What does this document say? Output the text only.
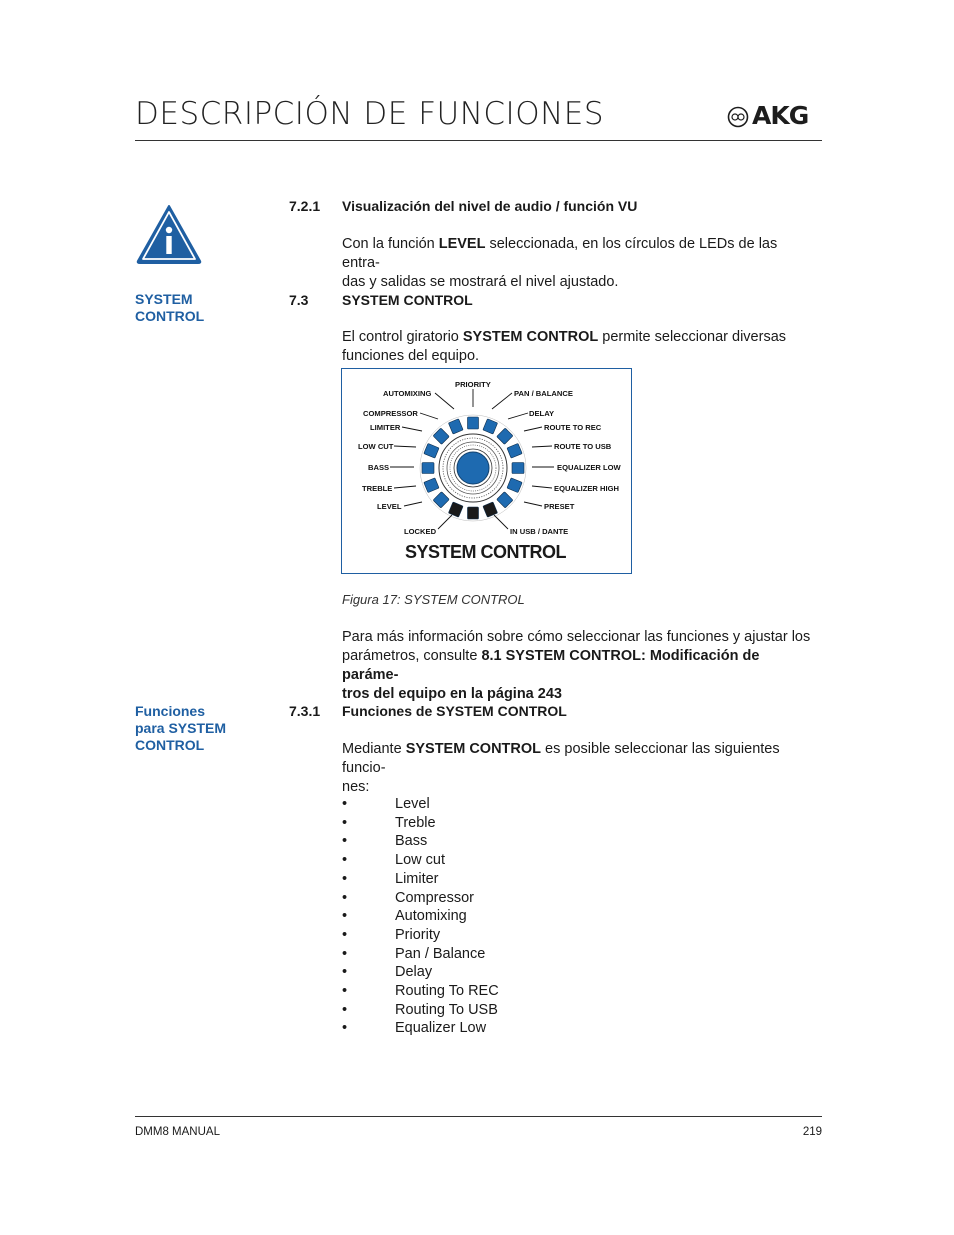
DESCRIPCIÓN DE FUNCIONES	AKG
7.2.1 Visualización del nivel de audio / función VU
Con la función LEVEL seleccionada, en los círculos de LEDs de las entra-
das y salidas se mostrará el nivel ajustado.
SYSTEM
CONTROL
7.3 SYSTEM CONTROL
El control giratorio SYSTEM CONTROL permite seleccionar diversas
funciones del equipo.
PRIORITY
AUTOMIXING	PAN / BALANCE
COMPRESSOR	DELAY
LIMITER	ROUTE TO REC
LOW CUT	ROUTE TO USB
BASS	EQUALIZER LOW
TREBLE	EQUALIZER HIGH
LEVEL	PRESET
LOCKED	IN USB / DANTE
SYSTEM CONTROL
Figura 17: SYSTEM CONTROL
Para más información sobre cómo seleccionar las funciones y ajustar los
parámetros, consulte 8.1 SYSTEM CONTROL: Modificación de paráme-
tros del equipo en la página 243
Funciones
para SYSTEM
CONTROL
7.3.1 Funciones de SYSTEM CONTROL
Mediante SYSTEM CONTROL es posible seleccionar las siguientes funcio-
nes:
•	Level
•	Treble
•	Bass
•	Low cut
•	Limiter
•	Compressor
•	Automixing
•	Priority
•	Pan / Balance
•	Delay
•	Routing To REC
•	Routing To USB
•	Equalizer Low
DMM8 MANUAL	219
